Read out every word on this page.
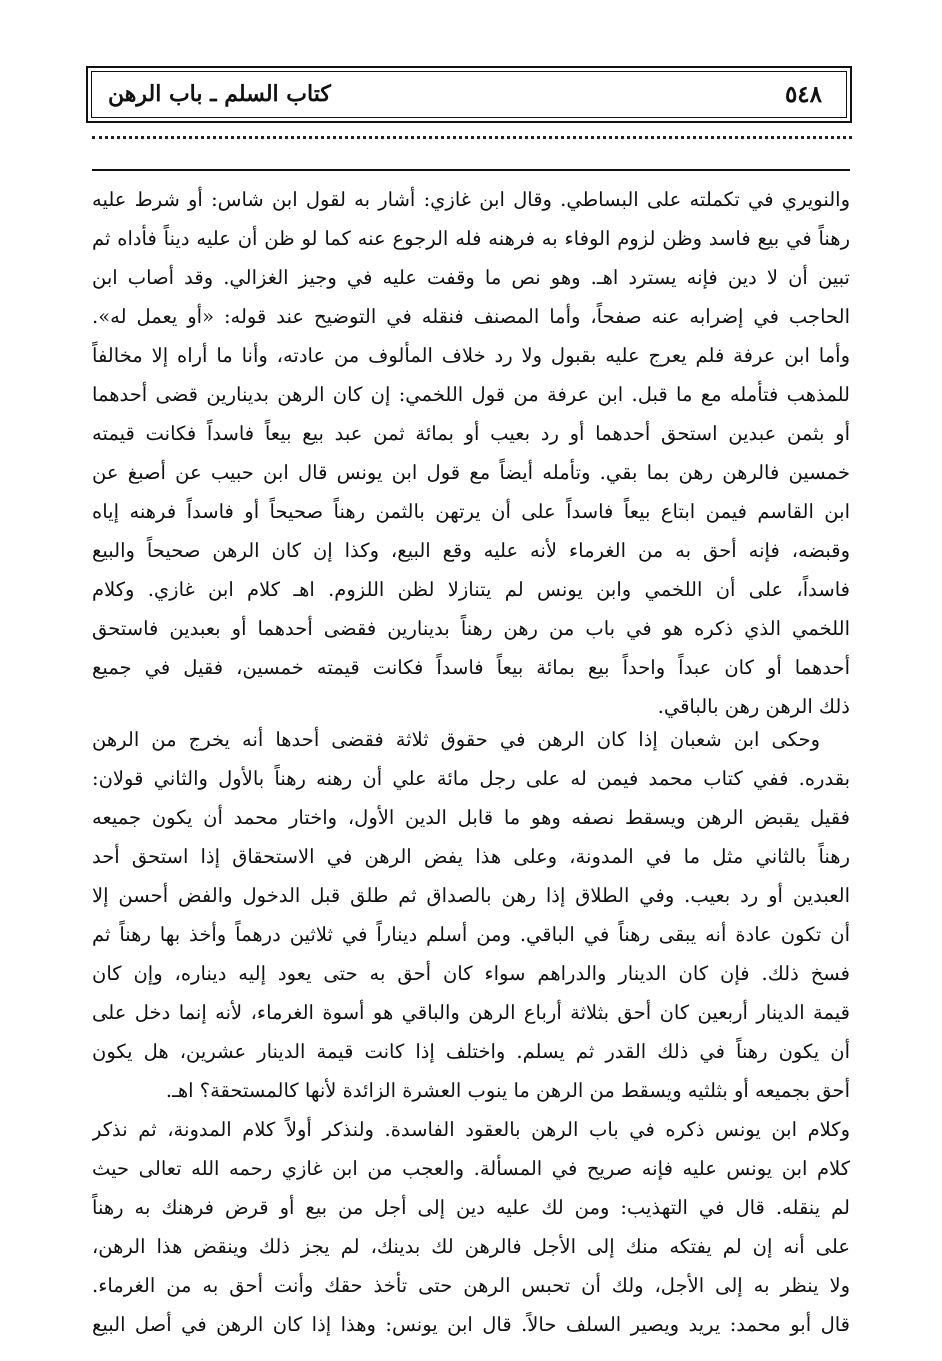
٥٤٨
كتاب السلم ـ باب الرهن
والنويري في تكملته على البساطي. وقال ابن غازي: أشار به لقول ابن شاس: أو شرط عليه
رهناً في بيع فاسد وظن لزوم الوفاء به فرهنه فله الرجوع عنه كما لو ظن أن عليه ديناً فأداه ثم
تبين أن لا دين فإنه يسترد اهـ. وهو نص ما وقفت عليه في وجيز الغزالي. وقد أصاب ابن
الحاجب في إضرابه عنه صفحاً، وأما المصنف فنقله في التوضيح عند قوله: «أو يعمل له».
وأما ابن عرفة فلم يعرج عليه بقبول ولا رد خلاف المألوف من عادته، وأنا ما أراه إلا مخالفاً
للمذهب فتأمله مع ما قبل. ابن عرفة من قول اللخمي: إن كان الرهن بدينارين قضى أحدهما
أو بثمن عبدين استحق أحدهما أو رد بعيب أو بمائة ثمن عبد بيع بيعاً فاسداً فكانت قيمته
خمسين فالرهن رهن بما بقي. وتأمله أيضاً مع قول ابن يونس قال ابن حبيب عن أصبغ عن
ابن القاسم فيمن ابتاع بيعاً فاسداً على أن يرتهن بالثمن رهناً صحيحاً أو فاسداً فرهنه إياه
وقبضه، فإنه أحق به من الغرماء لأنه عليه وقع البيع، وكذا إن كان الرهن صحيحاً والبيع
فاسداً، على أن اللخمي وابن يونس لم يتنازلا لظن اللزوم. اهـ كلام ابن غازي. وكلام
اللخمي الذي ذكره هو في باب من رهن رهناً بدينارين فقضى أحدهما أو بعبدين فاستحق
أحدهما أو كان عبداً واحداً بيع بمائة بيعاً فاسداً فكانت قيمته خمسين، فقيل في جميع
ذلك الرهن رهن بالباقي.
وحكى ابن شعبان إذا كان الرهن في حقوق ثلاثة فقضى أحدها أنه يخرج من الرهن
بقدره. ففي كتاب محمد فيمن له على رجل مائة علي أن رهنه رهناً بالأول والثاني قولان:
فقيل يقبض الرهن ويسقط نصفه وهو ما قابل الدين الأول، واختار محمد أن يكون جميعه
رهناً بالثاني مثل ما في المدونة، وعلى هذا يفض الرهن في الاستحقاق إذا استحق أحد
العبدين أو رد بعيب. وفي الطلاق إذا رهن بالصداق ثم طلق قبل الدخول والفض أحسن إلا
أن تكون عادة أنه يبقى رهناً في الباقي. ومن أسلم ديناراً في ثلاثين درهماً وأخذ بها رهناً ثم
فسخ ذلك. فإن كان الدينار والدراهم سواء كان أحق به حتى يعود إليه ديناره، وإن كان
قيمة الدينار أربعين كان أحق بثلاثة أرباع الرهن والباقي هو أسوة الغرماء، لأنه إنما دخل على
أن يكون رهناً في ذلك القدر ثم يسلم. واختلف إذا كانت قيمة الدينار عشرين، هل يكون
أحق بجميعه أو بثلثيه ويسقط من الرهن ما ينوب العشرة الزائدة لأنها كالمستحقة؟ اهـ.
وكلام ابن يونس ذكره في باب الرهن بالعقود الفاسدة. ولنذكر أولاً كلام المدونة، ثم نذكر
كلام ابن يونس عليه فإنه صريح في المسألة. والعجب من ابن غازي رحمه الله تعالى حيث
لم ينقله. قال في التهذيب: ومن لك عليه دين إلى أجل من بيع أو قرض فرهنك به رهناً
على أنه إن لم يفتكه منك إلى الأجل فالرهن لك بدينك، لم يجز ذلك وينقض هذا الرهن،
ولا ينظر به إلى الأجل، ولك أن تحبس الرهن حتى تأخذ حقك وأنت أحق به من الغرماء.
قال أبو محمد: يريد ويصير السلف حالاً. قال ابن يونس: وهذا إذا كان الرهن في أصل البيع
